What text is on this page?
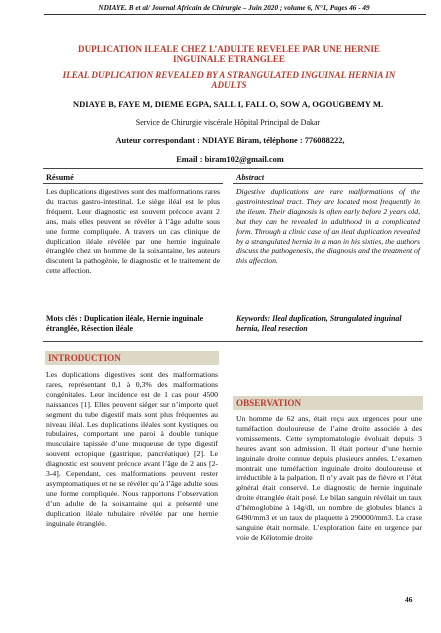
NDIAYE. B et al/ Journal Africain de Chirurgie – Juin 2020 ; volume 6, N°1, Pages 46 - 49
DUPLICATION ILEALE CHEZ L’ADULTE REVELEE PAR UNE HERNIE INGUINALE ETRANGLEE
ILEAL DUPLICATION REVEALED BY A STRANGULATED INGUINAL HERNIA IN ADULTS
NDIAYE B, FAYE M, DIEME EGPA, SALL I, FALL O, SOW A, OGOUGBEMY M.
Service de Chirurgie viscérale Hôpital Principal de Dakar
Auteur correspondant : NDIAYE Biram, téléphone : 776088222,
Email : biram102@gmail.com
Résumé	Abstract
Les duplications digestives sont des malformations rares du tractus gastro-intestinal. Le siège iléal est le plus fréquent. Leur diagnostic est souvent précoce avant 2 ans, mais elles peuvent se révéler à l’âge adulte sous une forme compliquée. A travers un cas clinique de duplication iléale révélée par une hernie inguinale étranglée chez un homme de la soixantaine, les auteurs discutent la pathogénie, le diagnostic et le traitement de cette affection.
Mots clés : Duplication iléale, Hernie inguinale étranglée, Résection iléale
Digestive duplications are rare malformations of the gastrointestinal tract. They are located most frequently in the ileum. Their diagnosis is often early before 2 years old, but they can be revealed in adulthood in a complicated form. Through a clinic case of an ileal duplication revealed by a strangulated hernia in a man in his sixties, the authors discuss the pathogenesis, the diagnosis and the treatment of this affection.
Keywords: Ileal duplication, Strangulated inguinal hernia, Ileal resection
INTRODUCTION
Les duplications digestives sont des malformations rares, représentant 0,1 à 0,3% des malformations congénitales. Leur incidence est de 1 cas pour 4500 naissances [1]. Elles peuvent siéger sur n’importe quel segment du tube digestif mais sont plus fréquentes au niveau iléal. Les duplications iléales sont kystiques ou tubulaires, comportant une paroi à double tunique musculaire tapissée d’une muqueuse de type digestif souvent ectopique (gastrique, pancréatique) [2]. Le diagnostic est souvent précoce avant l’âge de 2 ans [2-3-4]. Cependant, ces malformations peuvent rester asymptomatiques et ne se révéler qu’à l’âge adulte sous une forme compliquée. Nous rapportons l’observation d’un adulte de la soixantaine qui a présenté une duplication iléale tubulaire révélée par une hernie inguinale étranglée.
OBSERVATION
Un homme de 62 ans, était reçu aux urgences pour une tuméfaction douloureuse de l’aine droite associée à des vomissements. Cette symptomatologie évoluait depuis 3 heures avant son admission. Il était porteur d’une hernie inguinale droite connue depuis plusieurs années. L’examen montrait une tuméfaction inguinale droite douloureuse et irréductible à la palpation. Il n’y avait pas de fièvre et l’état général était conservé. Le diagnostic de hernie inguinale droite étranglée était posé. Le bilan sanguin révélait un taux d’hémoglobine à 14g/dl, un nombre de globules blancs à 6490/mm3 et un taux de plaquette à 290000/mm3. La crase sanguine était normale. L’exploration faite en urgence par voie de Kélotomie droite
46
